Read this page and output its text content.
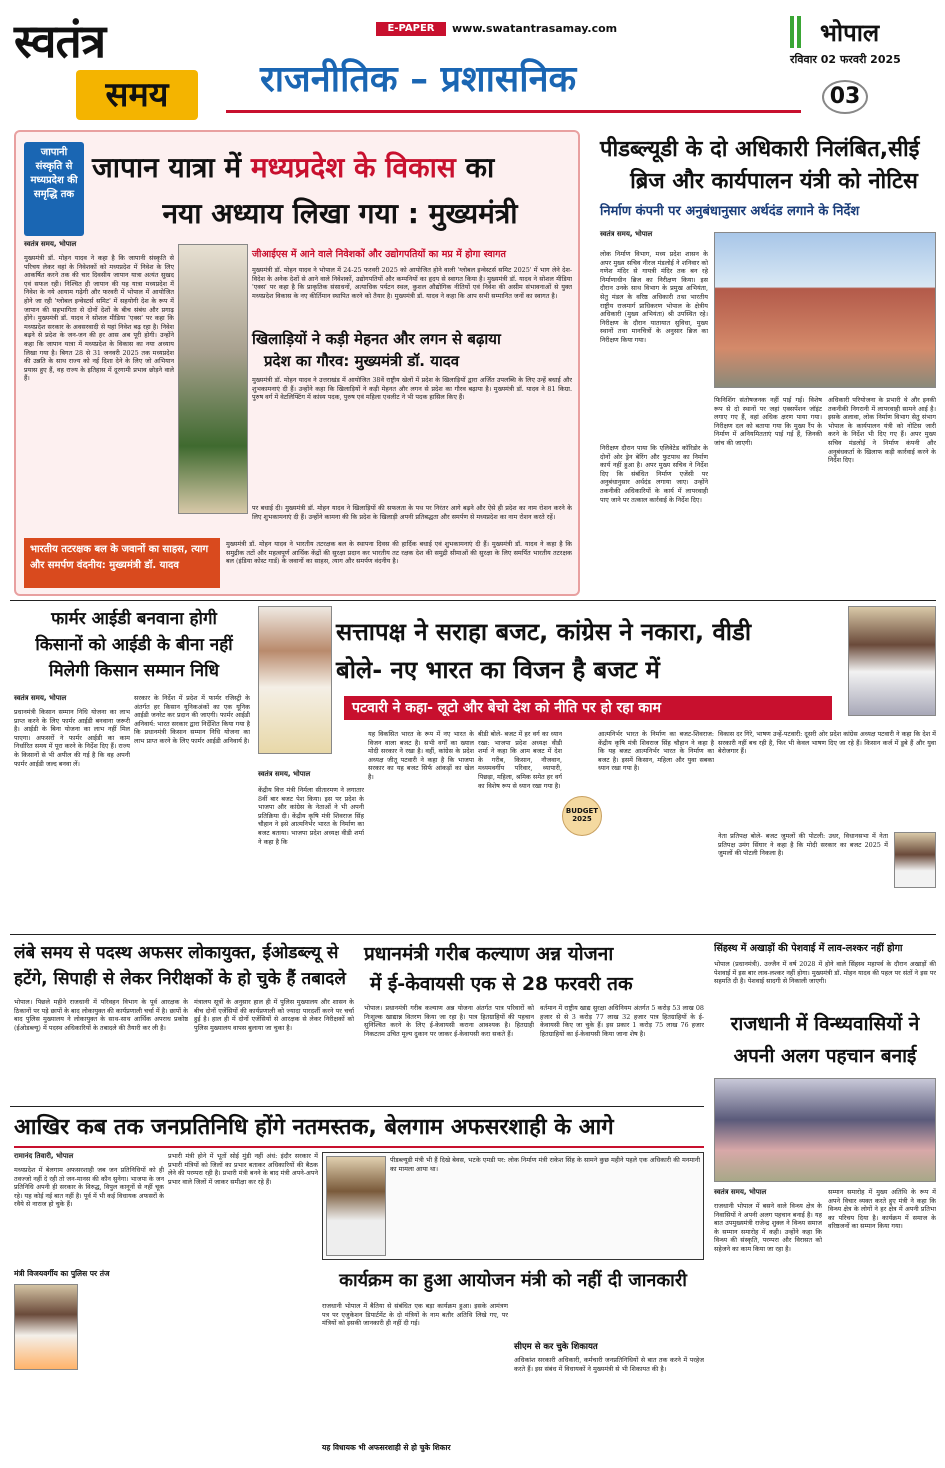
स्वतंत्र
समय
E-PAPER	www.swatantrasamay.com
राजनीतिक – प्रशासनिक
भोपाल
रविवार 02 फरवरी 2025
03
जापानी संस्कृति से मध्यप्रदेश की समृद्धि तक
जापान यात्रा में मध्यप्रदेश के विकास का
नया अध्याय लिखा गया : मुख्यमंत्री
स्वतंत्र समय, भोपाल
मुख्यमंत्री डॉ. मोहन यादव ने कहा है कि जापानी संस्कृति से परिचय लेकर वहां के निवेशकों को मध्यप्रदेश में निवेश के लिए आकर्षित करने तक की चार दिवसीय जापान यात्रा अत्यंत सुखद एवं सफल रही। निश्चित ही जापान की यह यात्रा मध्यप्रदेश में निवेश के नये आयाम गढ़ेगी और फरवरी में भोपाल में आयोजित होने जा रही 'ग्लोबल इन्वेस्टर्स समिट' में सहयोगी देश के रूप में जापान की सहभागिता से दोनों देशों के बीच संबंध और प्रगाढ़ होंगे। मुख्यमंत्री डॉ. यादव ने सोशल मीडिया 'एक्स' पर कहा कि मध्यप्रदेश सरकार के अवसरवादी से यहां निवेश बढ़ रहा है। निवेश बढ़ने से प्रदेश के जन-जन की हर आस अब पूरी होगी। उन्होंने कहा कि जापान यात्रा में मध्यप्रदेश के विकास का नया अध्याय लिखा गया है। बिगत 28 से 31 जनवरी 2025 तक मध्यप्रदेश की उन्नति के साथ राज्य को नई दिशा देने के लिए जो अभियान प्रयास हुए हैं, वह राज्य के इतिहास में दूरगामी प्रभाव छोड़ने वाले हैं।
जीआईएस में आने वाले निवेशकों और उद्योगपतियों का मप्र में होगा स्वागत
मुख्यमंत्री डॉ. मोहन यादव ने भोपाल में 24-25 फरवरी 2025 को आयोजित होने वाली 'ग्लोबल इन्वेस्टर्स समिट 2025' में भाग लेने देश-विदेश के अनेक देशों से आने वाले निवेशकों, उद्योगपतियों और कम्पनियों का हृदय से स्वागत किया है। मुख्यमंत्री डॉ. यादव ने सोशल मीडिया 'एक्स' पर कहा है कि प्राकृतिक संसाधनों, अत्याधिक पर्यटन स्थल, कुशल औद्योगिक नीतियों एवं निवेश की असीम संभावनाओं से युक्त मध्यप्रदेश विकास के नए कीर्तिमान स्थापित करने को तैयार है। मुख्यमंत्री डॉ. यादव ने कहा कि आप सभी सम्मानित जनों का स्वागत है।
खिलाड़ियों ने कड़ी मेहनत और लगन से बढ़ाया
प्रदेश का गौरव: मुख्यमंत्री डॉ. यादव
मुख्यमंत्री डॉ. मोहन यादव ने उत्तराखंड में आयोजित 38वें राष्ट्रीय खेलों में प्रदेश के खिलाड़ियों द्वारा अर्जित उपलब्धि के लिए उन्हें बधाई और शुभकामनाएं दी हैं। उन्होंने कहा कि खिलाड़ियों ने कड़ी मेहनत और लगन से प्रदेश का गौरव बढ़ाया है। मुख्यमंत्री डॉ. यादव ने 81 किग्रा. पुरुष वर्ग में वेटलिफ्टिंग में कांस्य पदक, पुरुष एवं महिला एथलीट ने भी पदक हासिल किए हैं।
पर बधाई दी। मुख्यमंत्री डॉ. मोहन यादव ने खिलाड़ियों की सफलता के पथ पर निरंतर आगे बढ़ने और ऐसे ही प्रदेश का नाम रोशन करने के लिए शुभकामनाएं दी हैं। उन्होंने कामना की कि प्रदेश के खिलाड़ी अपनी प्रतिबद्धता और समर्पण से मध्यप्रदेश का नाम रोशन करते रहें।
भारतीय तटरक्षक बल के जवानों का साहस, त्याग और समर्पण वंदनीय: मुख्यमंत्री डॉ. यादव
मुख्यमंत्री डॉ. मोहन यादव ने भारतीय तटरक्षक बल के स्थापना दिवस की हार्दिक बधाई एवं शुभकामनाएं दी हैं। मुख्यमंत्री डॉ. यादव ने कहा है कि समुद्रीक तटों और महत्वपूर्ण आर्थिक केंद्रों की सुरक्षा प्रदान कर भारतीय तट रक्षक देश की समुद्री सीमाओं की सुरक्षा के लिए समर्पित भारतीय तटरक्षक बल (इंडिया कोस्ट गार्ड) के जवानों का साहस, त्याग और समर्पण वंदनीय है।
पीडब्ल्यूडी के दो अधिकारी निलंबित,सीई
ब्रिज और कार्यपालन यंत्री को नोटिस
निर्माण कंपनी पर अनुबंधानुसार अर्थदंड लगाने के निर्देश
स्वतंत्र समय, भोपाल
लोक निर्माण विभाग, मध्य प्रदेश शासन के अपर मुख्य सचिव नीरज मंडलोई ने शनिवार को गणेश मंदिर से गायत्री मंदिर तक बन रहे निर्माणाधीन ब्रिज का निरीक्षण किया। इस दौरान उनके साथ विभाग के प्रमुख अभियंता, सेतु मंडल के वरिष्ठ अधिकारी तथा भारतीय राष्ट्रीय राजमार्ग प्राधिकरण भोपाल के क्षेत्रीय अधिकारी (मुख्य अभियंता) श्री उपस्थित रहे। निरीक्षण के दौरान यातायात सुविधा, मुख्य स्थानों तथा मानचित्रों के अनुसार ब्रिज का निरीक्षण किया गया।
निरीक्षण दौरान पाया कि एलिवेटेड कॉरिडोर के दोनों ओर ड्रेन बेरिंग और फुटपाथ का निर्माण कार्य नहीं हुआ है। अपर मुख्य सचिव ने निर्देश दिए कि संबंधित निर्माण एजेंसी पर अनुबंधानुसार अर्थदंड लगाया जाए। उन्होंने तकनीकी अधिकारियों के कार्य में लापरवाही पाए जाने पर तत्काल कार्रवाई के निर्देश दिए।
फिनिशिंग संतोषजनक नहीं पाई गई। विशेष रूप से दो स्थानों पर जहां एक्सपेंशन जॉइंट लगाए गए हैं, वहां अधिक क्षरण पाया गया। निरीक्षण दल को बताया गया कि मुख्य रैंप के निर्माण में अनियमितताएं पाई गई हैं, जिनकी जांच की जाएगी।
अधिकारी परियोजना के प्रभारी थे और इनकी तकनीकी निगरानी में लापरवाही सामने आई है। इसके अलावा, लोक निर्माण विभाग सेतु संभाग भोपाल के कार्यपालन यंत्री को नोटिस जारी करने के निर्देश भी दिए गए हैं। अपर मुख्य सचिव मंडलोई ने निर्माण कंपनी और अनुबंधकर्ता के खिलाफ कड़ी कार्रवाई करने के निर्देश दिए।
फार्मर आईडी बनवाना होगी
किसानों को आईडी के बीना नहीं
मिलेगी किसान सम्मान निधि
स्वतंत्र समय, भोपाल
प्रधानमंत्री किसान सम्मान निधि योजना का लाभ प्राप्त करने के लिए फार्मर आईडी बनवाना जरूरी है। आईडी के बिना योजना का लाभ नहीं मिल पाएगा। अफसरों ने फार्मर आईडी का काम निर्धारित समय में पूरा करने के निर्देश दिए हैं। राज्य के किसानों से भी अपील की गई है कि वह अपनी फार्मर आईडी जल्द बनवा लें।
सरकार के निर्देश में प्रदेश में फार्मर रजिस्ट्री के अंतर्गत हर किसान यूनिकअंकों का एक यूनिक आईडी जनरेट कर प्रदान की जाएगी। फार्मर आईडी अनिवार्य: भारत सरकार द्वारा निर्देशित किया गया है कि प्रधानमंत्री किसान सम्मान निधि योजना का लाभ प्राप्त करने के लिए फार्मर आईडी अनिवार्य है।
सत्तापक्ष ने सराहा बजट, कांग्रेस ने नकारा, वीडी
बोले- नए भारत का विजन है बजट में
पटवारी ने कहा- लूटो और बेचो देश को नीति पर हो रहा काम
स्वतंत्र समय, भोपाल
केंद्रीय वित्त मंत्री निर्मला सीतारमण ने लगातार 8वीं बार बजट पेश किया। इस पर प्रदेश के भाजपा और कांग्रेस के नेताओं ने भी अपनी प्रतिक्रिया दी। केंद्रीय कृषि मंत्री शिवराज सिंह चौहान ने इसे आत्मनिर्भर भारत के निर्माण का बजट बताया। भाजपा प्रदेश अध्यक्ष वीडी शर्मा ने कहा है कि
यह विकसित भारत के रूप में नए भारत के विजन वाला बजट है। सभी वर्गों का ख्याल मोदी सरकार ने रखा है। वहीं, कांग्रेस के प्रदेश अध्यक्ष जीतू पटवारी ने कहा है कि भाजपा सरकार का यह बजट सिर्फ आंकड़ों का खेल है।
बीडी बोले- बजट में हर वर्ग का ध्यान रखा: भाजपा प्रदेश अध्यक्ष वीडी शर्मा ने कहा कि आम बजट में देश के गरीब, किसान, नौजवान, मध्यमवर्गीय परिवार, व्यापारी, पिछड़ा, महिला, श्रमिक समेत हर वर्ग का विशेष रूप से ध्यान रखा गया है।
BUDGET
2025
आत्मनिर्भर भारत के निर्माण का बजट-शिवराज: केंद्रीय कृषि मंत्री शिवराज सिंह चौहान ने कहा है कि यह बजट आत्मनिर्भर भारत के निर्माण का बजट है। इसमें किसान, महिला और युवा सबका ध्यान रखा गया है।
विकास दर गिरे, भाषण उन्हें-पटवारी: दूसरी ओर प्रदेश कांग्रेस अध्यक्ष पटवारी ने कहा कि देश में सरकारी नहीं बच रही है, फिर भी केवल भाषण दिए जा रहे हैं। किसान कर्ज में डूबे हैं और युवा बेरोजगार हैं।
नेता प्रतिपक्ष बोले- बजट जुमलों की पोटली: उधर, विधानसभा में नेता प्रतिपक्ष उमंग सिंघार ने कहा है कि मोदी सरकार का बजट 2025 में जुमलों की पोटली निकला है।
लंबे समय से पदस्थ अफसर लोकायुक्त, ईओडब्ल्यू से
हटेंगे, सिपाही से लेकर निरीक्षकों के हो चुके हैं तबादले
भोपाल। पिछले महीने राजधानी में परिवहन विभाग के पूर्व आरक्षक के ठिकानों पर पड़े छापों के बाद लोकायुक्त की कार्यप्रणाली चर्चा में है। छापों के बाद पुलिस मुख्यालय ने लोकायुक्त के साथ-साथ आर्थिक अपराध प्रकोष्ठ (ईओडब्ल्यू) में पदस्थ अधिकारियों के तबादले की तैयारी कर ली है।
मंत्रालय सूत्रों के अनुसार हाल ही में पुलिस मुख्यालय और शासन के बीच दोनों एजेंसियों की कार्यप्रणाली को ज्यादा पारदर्शी करने पर चर्चा हुई है। हाल ही में दोनों एजेंसियों से आरक्षक से लेकर निरीक्षकों को पुलिस मुख्यालय वापस बुलाया जा चुका है।
प्रधानमंत्री गरीब कल्याण अन्न योजना
में ई-केवायसी एक से 28 फरवरी तक
भोपाल। प्रधानमंत्री गरीब कल्याण अन्न योजना अंतर्गत पात्र परिवारों को निःशुल्क खाद्यान्न वितरण किया जा रहा है। पात्र हितग्राहियों की पहचान सुनिश्चित करने के लिए ई-केवायसी कराना आवश्यक है। हितग्राही निकटतम उचित मूल्य दुकान पर जाकर ई-केवायसी करा सकते हैं।
वर्तमान में राष्ट्रीय खाद्य सुरक्षा अधिनियम अंतर्गत 5 करोड़ 53 लाख 08 हजार से से 3 करोड़ 77 लाख 32 हजार पात्र हितग्राहियों के ई-केवायसी किए जा चुके हैं। इस प्रकार 1 करोड़ 75 लाख 76 हजार हितग्राहियों का ई-केवायसी किया जाना शेष है।
सिंहस्थ में अखाड़ों की पेशवाई में लाव-लश्कर नहीं होगा
भोपाल (प्रधानमंत्री). उज्जैन में वर्ष 2028 में होने वाले सिंहस्थ महापर्व के दौरान अखाड़ों की पेशवाई में इस बार लाव-लश्कर नहीं होगा। मुख्यमंत्री डॉ. मोहन यादव की पहल पर संतों ने इस पर सहमति दी है। पेशवाई सादगी से निकाली जाएगी।
राजधानी में विन्ध्यवासियों ने
अपनी अलग पहचान बनाई
आखिर कब तक जनप्रतिनिधि होंगे नतमस्तक, बेलगाम अफसरशाही के आगे
रामानंद तिवारी, भोपाल
मध्यप्रदेश में बेलगाम अफसरशाही जब जन प्रतिनिधियों को ही तवज्जो नहीं दे रही तो जन-मानस की कौन सुनेगा। भाजपा के जन प्रतिनिधि अपनी ही सरकार के विरुद्ध, विपुल कानूनों से नहीं चूक रहे। यह कोई नई बात नहीं है। पूर्व में भी कई विधायक अफसरों के रवैये से नाराज हो चुके हैं।
मंत्री विजयवर्गीय का पुलिस पर तंज
प्रभारी मंत्री होने में भूतों सोई मुंडी नहीं अंधं: इंदौर सरकार में प्रभारी मंत्रियों को जिलों का प्रभार बताकर अधिकारियों की बैठक लेने की परम्परा रही है। प्रभारी मंत्री बनने के बाद मंत्री अपने-अपने प्रभार वाले जिलों में जाकर समीक्षा कर रहे हैं।
पीडब्ल्यूडी मंत्री भी हैं दिखे बेवस, भटके एमडी पर: लोक निर्माण मंत्री राकेश सिंह के सामने कुछ महीने पहले एक अधिकारी की मनमानी का मामला आया था।
कार्यक्रम का हुआ आयोजन मंत्री को नहीं दी जानकारी
राजधानी भोपाल में बैतिया से संबंधित एक बड़ा कार्यक्रम हुआ। इसके आमंत्रण पत्र पर एजुकेशन डिपार्टमेंट के दो मंत्रियों के नाम बतौर अतिथि लिखे गए, पर मंत्रियों को इसकी जानकारी ही नहीं दी गई।
सीएम से कर चुके शिकायत
अधिकांश सरकारी अधिकारी, कर्मचारी जनप्रतिनिधियों से बात तक करने में परहेज करते हैं। इस संबंध में विधायकों ने मुख्यमंत्री से भी शिकायत की है।
यह विधायक भी अफसरशाही से हो चुके शिकार
स्वतंत्र समय, भोपाल
राजधानी भोपाल में बसने वाले विन्ध्य क्षेत्र के निवासियों ने अपनी अलग पहचान बनाई है। यह बात उपमुख्यमंत्री राजेन्द्र शुक्ल ने विन्ध्य समाज के सम्मान समारोह में कही। उन्होंने कहा कि विन्ध्य की संस्कृति, परम्परा और विरासत को सहेजने का काम किया जा रहा है।
सम्मान समारोह में मुख्य अतिथि के रूप में अपने विचार व्यक्त करते हुए मंत्री ने कहा कि विन्ध्य क्षेत्र के लोगों ने हर क्षेत्र में अपनी प्रतिभा का परिचय दिया है। कार्यक्रम में समाज के वरिष्ठजनों का सम्मान किया गया।
